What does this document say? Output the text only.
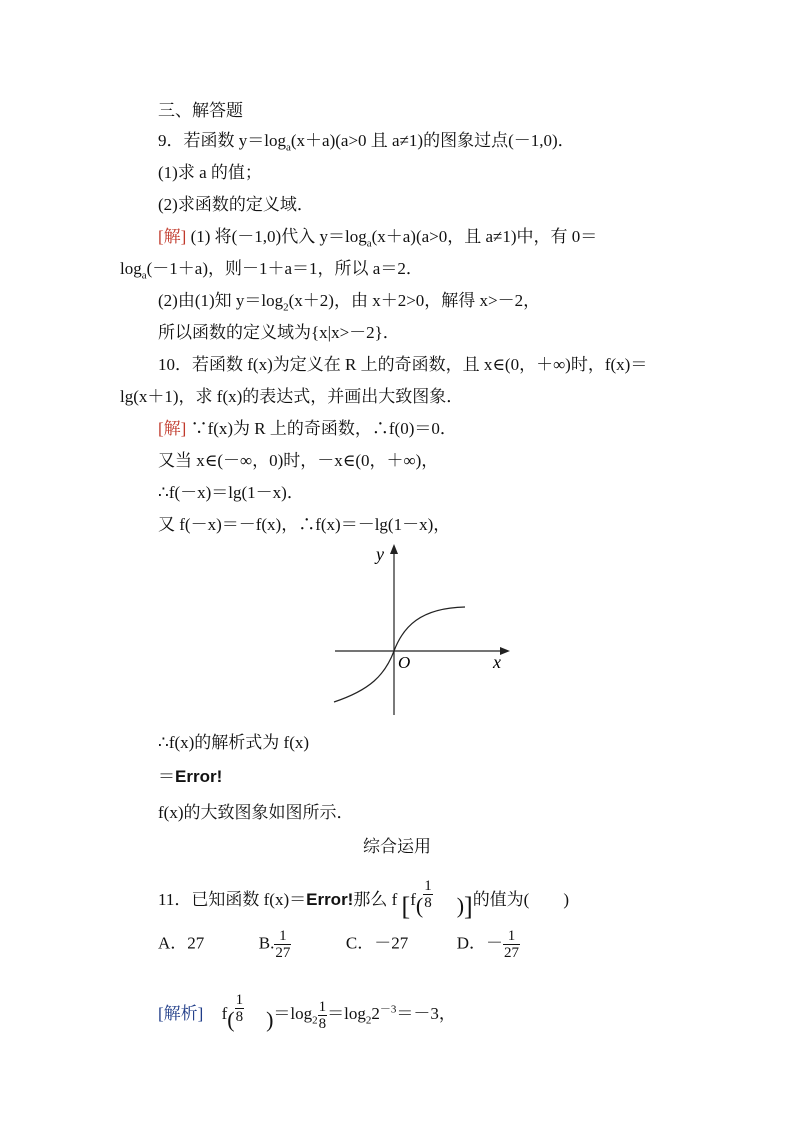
三、解答题
9．若函数 $y=\log_a(x+a)(a>0$ 且 a≠1)的图象过点(－1,0)．
(1)求 a 的值；
(2)求函数的定义域．
[解] (1) 将(－1,0)代入 $y=\log_a(x+a)(a>0$，且 a≠1)中，有 0＝
$\log_a(-1+a)$，则－1＋a＝1，所以 a＝2．
(2)由(1)知 $y=\log_2(x+2)$，由 x＋2>0，解得 x>－2，
所以函数的定义域为{x|x>－2}．
10．若函数 f(x)为定义在 R 上的奇函数，且 x∈(0，＋∞)时，f(x)＝
lg(x＋1)，求 f(x)的表达式，并画出大致图象．
[解] ∵f(x)为 R 上的奇函数，∴f(0)＝0．
又当 x∈(－∞，0)时，－x∈(0，＋∞)，
∴f(－x)＝lg(1－x)．
又 f(－x)＝－f(x)，∴f(x)＝－lg(1－x)，
y
x
O
∴f(x)的解析式为 f(x)
＝Error!
f(x)的大致图象如图所示．
综合运用
11．已知函数 f(x)＝Error!那么 f [$f( \frac{1}{8}$ )]的值为(　　)
A．27	B. $\frac{1}{27}$	C．－27	D．－ $\frac{1}{27}$
[解析] $f( \frac{1}{8} )=\log_2 \frac{1}{8} =\log_22^{-3}=-3$，
